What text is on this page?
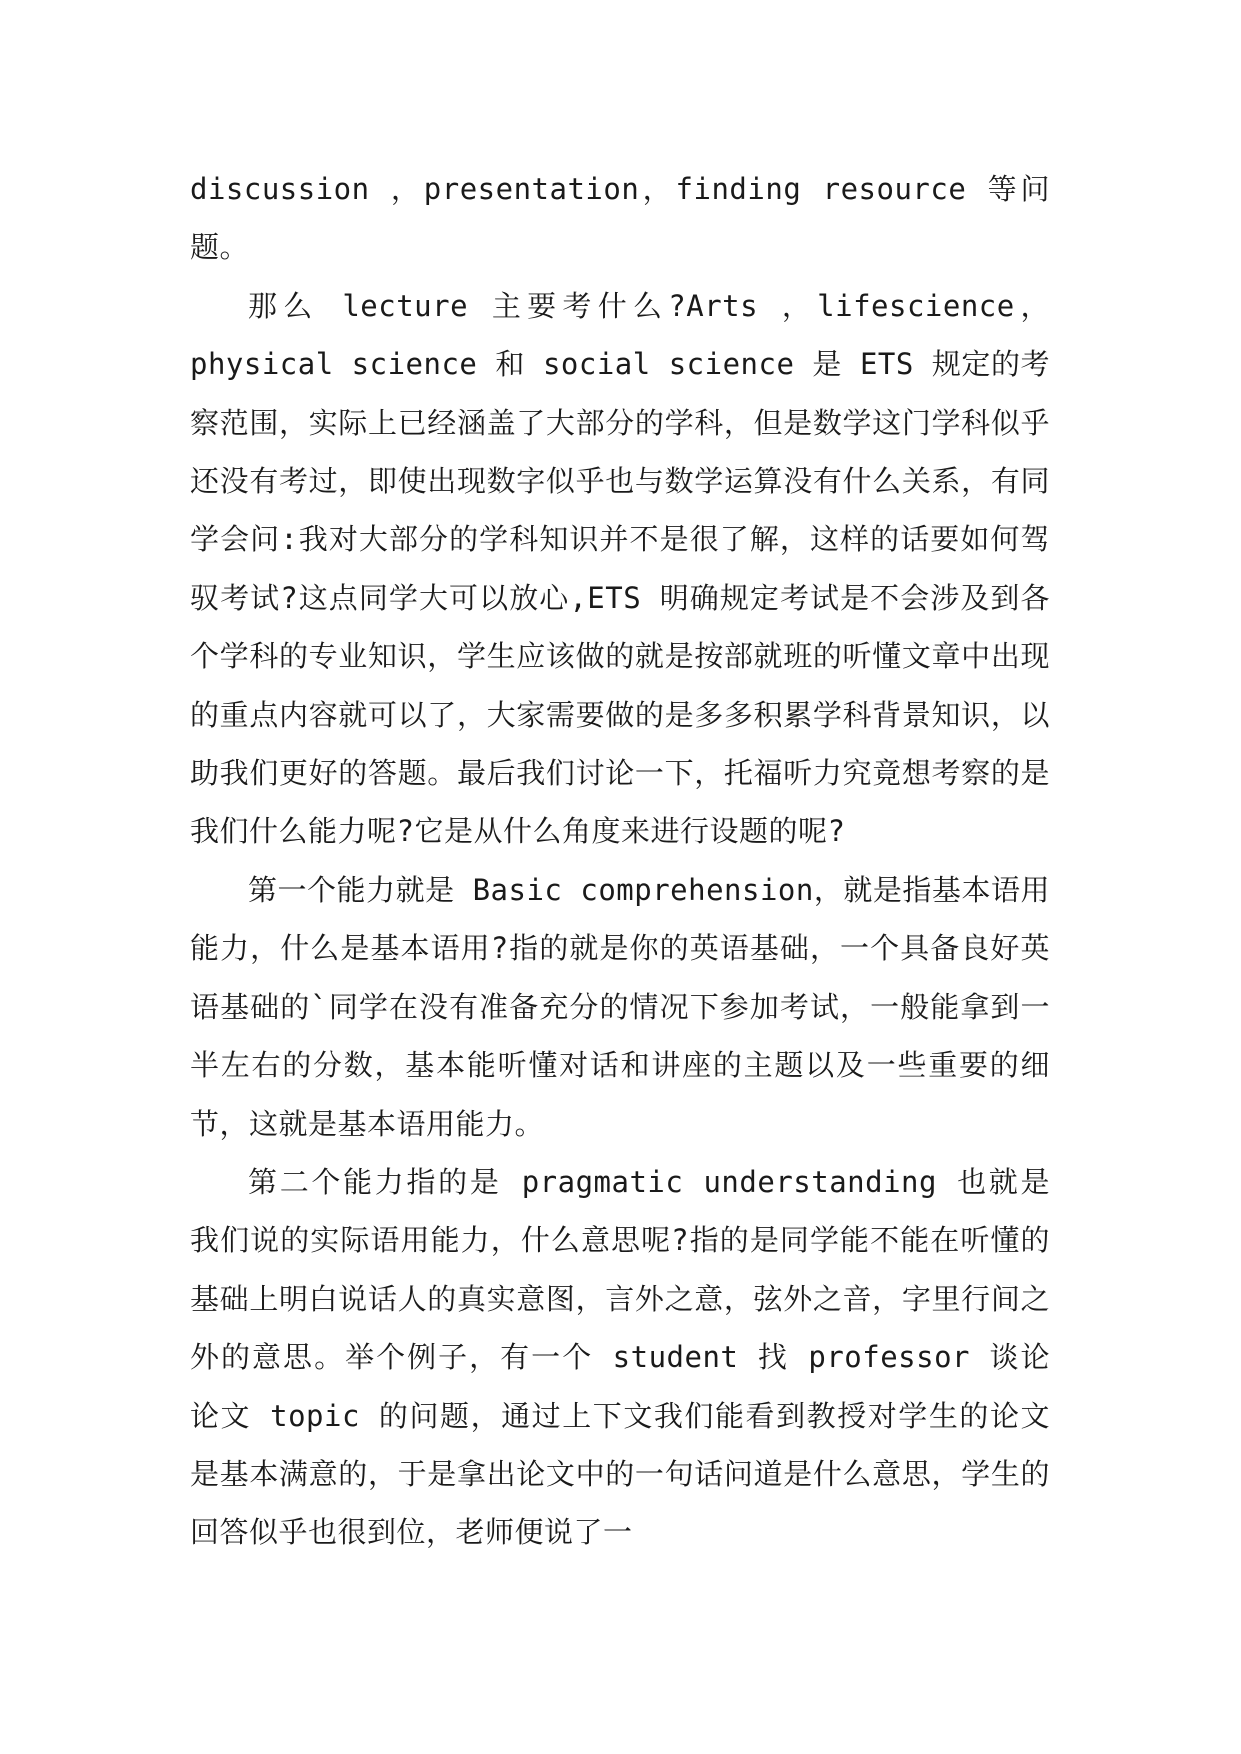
discussion ，presentation，finding resource 等问题。

那么 lecture 主要考什么?Arts ，lifescience，physical science 和 social science 是 ETS 规定的考察范围，实际上已经涵盖了大部分的学科，但是数学这门学科似乎还没有考过，即使出现数字似乎也与数学运算没有什么关系，有同学会问:我对大部分的学科知识并不是很了解，这样的话要如何驾驭考试?这点同学大可以放心,ETS 明确规定考试是不会涉及到各个学科的专业知识，学生应该做的就是按部就班的听懂文章中出现的重点内容就可以了，大家需要做的是多多积累学科背景知识，以助我们更好的答题。最后我们讨论一下，托福听力究竟想考察的是我们什么能力呢?它是从什么角度来进行设题的呢?

第一个能力就是 Basic comprehension，就是指基本语用能力，什么是基本语用?指的就是你的英语基础，一个具备良好英语基础的`同学在没有准备充分的情况下参加考试，一般能拿到一半左右的分数，基本能听懂对话和讲座的主题以及一些重要的细节，这就是基本语用能力。

第二个能力指的是 pragmatic understanding 也就是我们说的实际语用能力，什么意思呢?指的是同学能不能在听懂的基础上明白说话人的真实意图，言外之意，弦外之音，字里行间之外的意思。举个例子，有一个 student 找 professor 谈论论文 topic 的问题，通过上下文我们能看到教授对学生的论文是基本满意的，于是拿出论文中的一句话问道是什么意思，学生的回答似乎也很到位，老师便说了一
